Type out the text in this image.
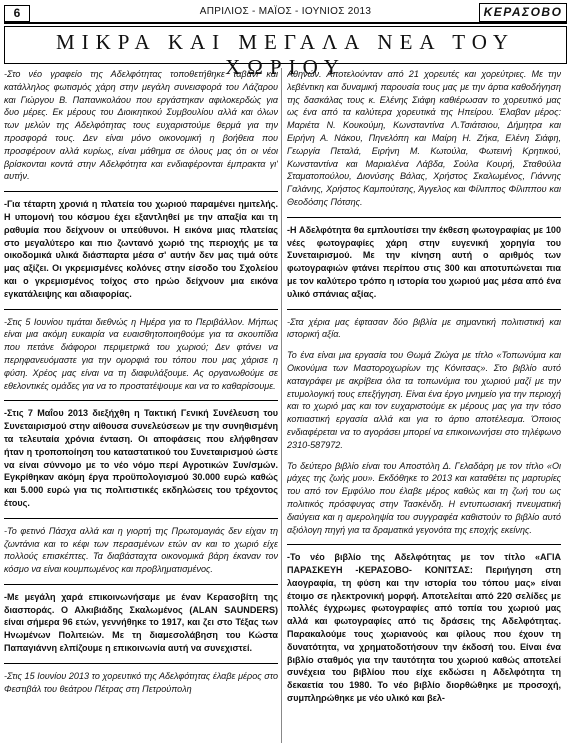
6	ΑΠΡΙΛΙΟΣ - ΜΑΪΟΣ - ΙΟΥΝΙΟΣ 2013	ΚΕΡΑΣΟΒΟ
ΜΙΚΡΑ ΚΑΙ ΜΕΓΑΛΑ ΝΕΑ ΤΟΥ ΧΩΡΙΟΥ

-Στο νέο γραφείο της Αδελφότητας τοποθετήθηκε ταβάνι και κατάλληλος φωτισμός χάρη στην μεγάλη συνεισφορά του Λάζαρου και Γιώργου Β. Παπανικολάου που εργάστηκαν αφιλοκερδώς για δυο μέρες. Εκ μέρους του Διοικητικού Συμβουλίου αλλά και όλων των μελών της Αδελφότητας τους ευχαριστούμε θερμά για την προσφορά τους. Δεν είναι μόνο οικονομική η βοήθεια που προσφέρουν αλλά κυρίως, είναι μάθημα σε όλους μας ότι οι νέοι βρίσκονται κοντά στην Αδελφότητα και ενδιαφέρονται έμπρακτα γι' αυτήν.

-Για τέταρτη χρονιά η πλατεία του χωριού παραμένει ημιτελής. Η υπομονή του κόσμου έχει εξαντληθεί με την απαξία και τη ραθυμία που δείχνουν οι υπεύθυνοι. Η εικόνα μιας πλατείας στο μεγαλύτερο και πιο ζωντανό χωριό της περιοχής με τα οικοδομικά υλικά διάσπαρτα μέσα σ' αυτήν δεν μας τιμά ούτε μας αξίζει. Οι γκρεμισμένες κολόνες στην είσοδο του Σχολείου και ο γκρεμισμένος τοίχος στο ηρώο δείχνουν μια εικόνα εγκατάλειψης και αδιαφορίας.

-Στις 5 Ιουνίου τιμάται διεθνώς η Ημέρα για το Περιβάλλον. Μήπως είναι μια ακόμη ευκαιρία να ευαισθητοποιηθούμε για τα σκουπίδια που πετάνε διάφοροι περιμετρικά του χωριού; Δεν φτάνει να περηφανευόμαστε για την ομορφιά του τόπου που μας χάρισε η φύση. Χρέος μας είναι να τη διαφυλάξουμε. Ας οργανωθούμε σε εθελοντικές ομάδες για να το προστατέψουμε και να το καθαρίσουμε.

-Στις 7 Μαΐου 2013 διεξήχθη η Τακτική Γενική Συνέλευση του Συνεταιρισμού στην αίθουσα συνελεύσεων με την συνηθισμένη τα τελευταία χρόνια ένταση. Οι αποφάσεις που ελήφθησαν ήταν η τροποποίηση του καταστατικού του Συνεταιρισμού ώστε να είναι σύννομο με το νέο νόμο περί Αγροτικών Συν/σμών. Εγκρίθηκαν ακόμη έργα προϋπολογισμού 30.000 ευρώ καθώς και 5.000 ευρώ για τις πολιτιστικές εκδηλώσεις του τρέχοντος έτους.

-Το φετινό Πάσχα αλλά και η γιορτή της Πρωτομαγιάς δεν είχαν τη ζωντάνια και το κέφι των περασμένων ετών αν και το χωριό είχε πολλούς επισκέπτες. Τα διαβάσταχτα οικονομικά βάρη έκαναν τον κόσμο να είναι κουμπωμένος και προβληματισμένος.

-Με μεγάλη χαρά επικοινωνήσαμε με έναν Κερασοβίτη της διασποράς. Ο Αλκιβιάδης Σκαλωμένος (ALAN SAUNDERS) είναι σήμερα 96 ετών, γεννήθηκε το 1917, και ζει στο Τέξας των Ηνωμένων Πολιτειών. Με τη διαμεσολάβηση του Κώστα Παπαγιάννη ελπίζουμε η επικοινωνία αυτή να συνεχιστεί.

-Στις 15 Ιουνίου 2013 το χορευτικό της Αδελφότητας έλαβε μέρος στο Φεστιβάλ του θεάτρου Πέτρας στη Πετρούπολη

Αθηνών. Αποτελούνταν από 21 χορευτές και χορεύτριες. Με την λεβέντικη και δυναμική παρουσία τους μας με την άρτια καθοδήγηση της δασκάλας τους κ. Ελένης Σιάφη καθιέρωσαν το χορευτικό μας ως ένα από τα καλύτερα χορευτικά της Ηπείρου. Έλαβαν μέρος: Μαριέτα Ν. Κουκούμη, Κωνσταντίνα Λ.Τσιάτσιου, Δήμητρα και Ειρήνη Α. Νάκου, Πηνελόπη και Μαίρη Η. Ζήκα, Ελένη Σιάφη, Γεωργία Πεταλά, Ειρήνη Μ. Κωτούλα, Φωτεινή Κρητικού, Κωνσταντίνα και Μαριαλένα Λάβδα, Σούλα Κουρή, Σταθούλα Σταματοπούλου, Διονύσης Βάλας, Χρήστος Σκαλωμένος, Γιάννης Γαλάνης, Χρήστος Καμπούτσης, Άγγελος και Φίλιππος Φίλιππου και Θεοδόσης Πότσης.

-Η Αδελφότητα θα εμπλουτίσει την έκθεση φωτογραφίας με 100 νέες φωτογραφίες χάρη στην ευγενική χορηγία του Συνεταιρισμού. Με την κίνηση αυτή ο αριθμός των φωτογραφιών φτάνει περίπου στις 300 και αποτυπώνεται πια με τον καλύτερο τρόπο η ιστορία του χωριού μας μέσα από ένα υλικό σπάνιας αξίας.

-Στα χέρια μας έφτασαν δύο βιβλία με σημαντική πολιτιστική και ιστορική αξία.

Το ένα είναι μια εργασία του Θωμά Ζιώγα με τίτλο «Τοπωνύμια και Οικονύμια των Μαστοροχωρίων της Κόνιτσας». Στο βιβλίο αυτό καταγράφει με ακρίβεια όλα τα τοπωνύμια του χωριού μαζί με την ετυμολογική τους επεξήγηση. Είναι ένα έργο μνημείο για την περιοχή και το χωριό μας και τον ευχαριστούμε εκ μέρους μας για την τόσο κοπιαστική εργασία αλλά και για το άρτιο αποτέλεσμα. Όποιος ενδιαφέρεται να το αγοράσει μπορεί να επικοινωνήσει στο τηλέφωνο 2310-587972.

Το δεύτερο βιβλίο είναι του Αποστόλη Δ. Γελαδάρη με τον τίτλο «Οι μάχες της ζωής μου». Εκδόθηκε το 2013 και καταθέτει τις μαρτυρίες του από τον Εμφύλιο που έλαβε μέρος καθώς και τη ζωή του ως πολιτικός πρόσφυγας στην Τασκένδη. Η εντυπωσιακή πνευματική διαύγεια και η αμεροληψία του συγγραφέα καθιστούν το βιβλίο αυτό αξιόλογη πηγή για τα δραματικά γεγονότα της εποχής εκείνης.

-Το νέο βιβλίο της Αδελφότητας με τον τίτλο «ΑΓΙΑ ΠΑΡΑΣΚΕΥΗ -ΚΕΡΑΣΟΒΟ- ΚΟΝΙΤΣΑΣ: Περιήγηση στη λαογραφία, τη φύση και την ιστορία του τόπου μας» είναι έτοιμο σε ηλεκτρονική μορφή. Αποτελείται από 220 σελίδες με πολλές έγχρωμες φωτογραφίες από τοπία του χωριού μας αλλά και φωτογραφίες από τις δράσεις της Αδελφότητας. Παρακαλούμε τους χωριανούς και φίλους που έχουν τη δυνατότητα, να χρηματοδοτήσουν την έκδοσή του. Είναι ένα βιβλίο σταθμός για την ταυτότητα του χωριού καθώς αποτελεί συνέχεια του βιβλίου που είχε εκδώσει η Αδελφότητα τη δεκαετία του 1980. Το νέο βιβλίο διορθώθηκε με προσοχή, συμπληρώθηκε με νέο υλικό και βελ-
